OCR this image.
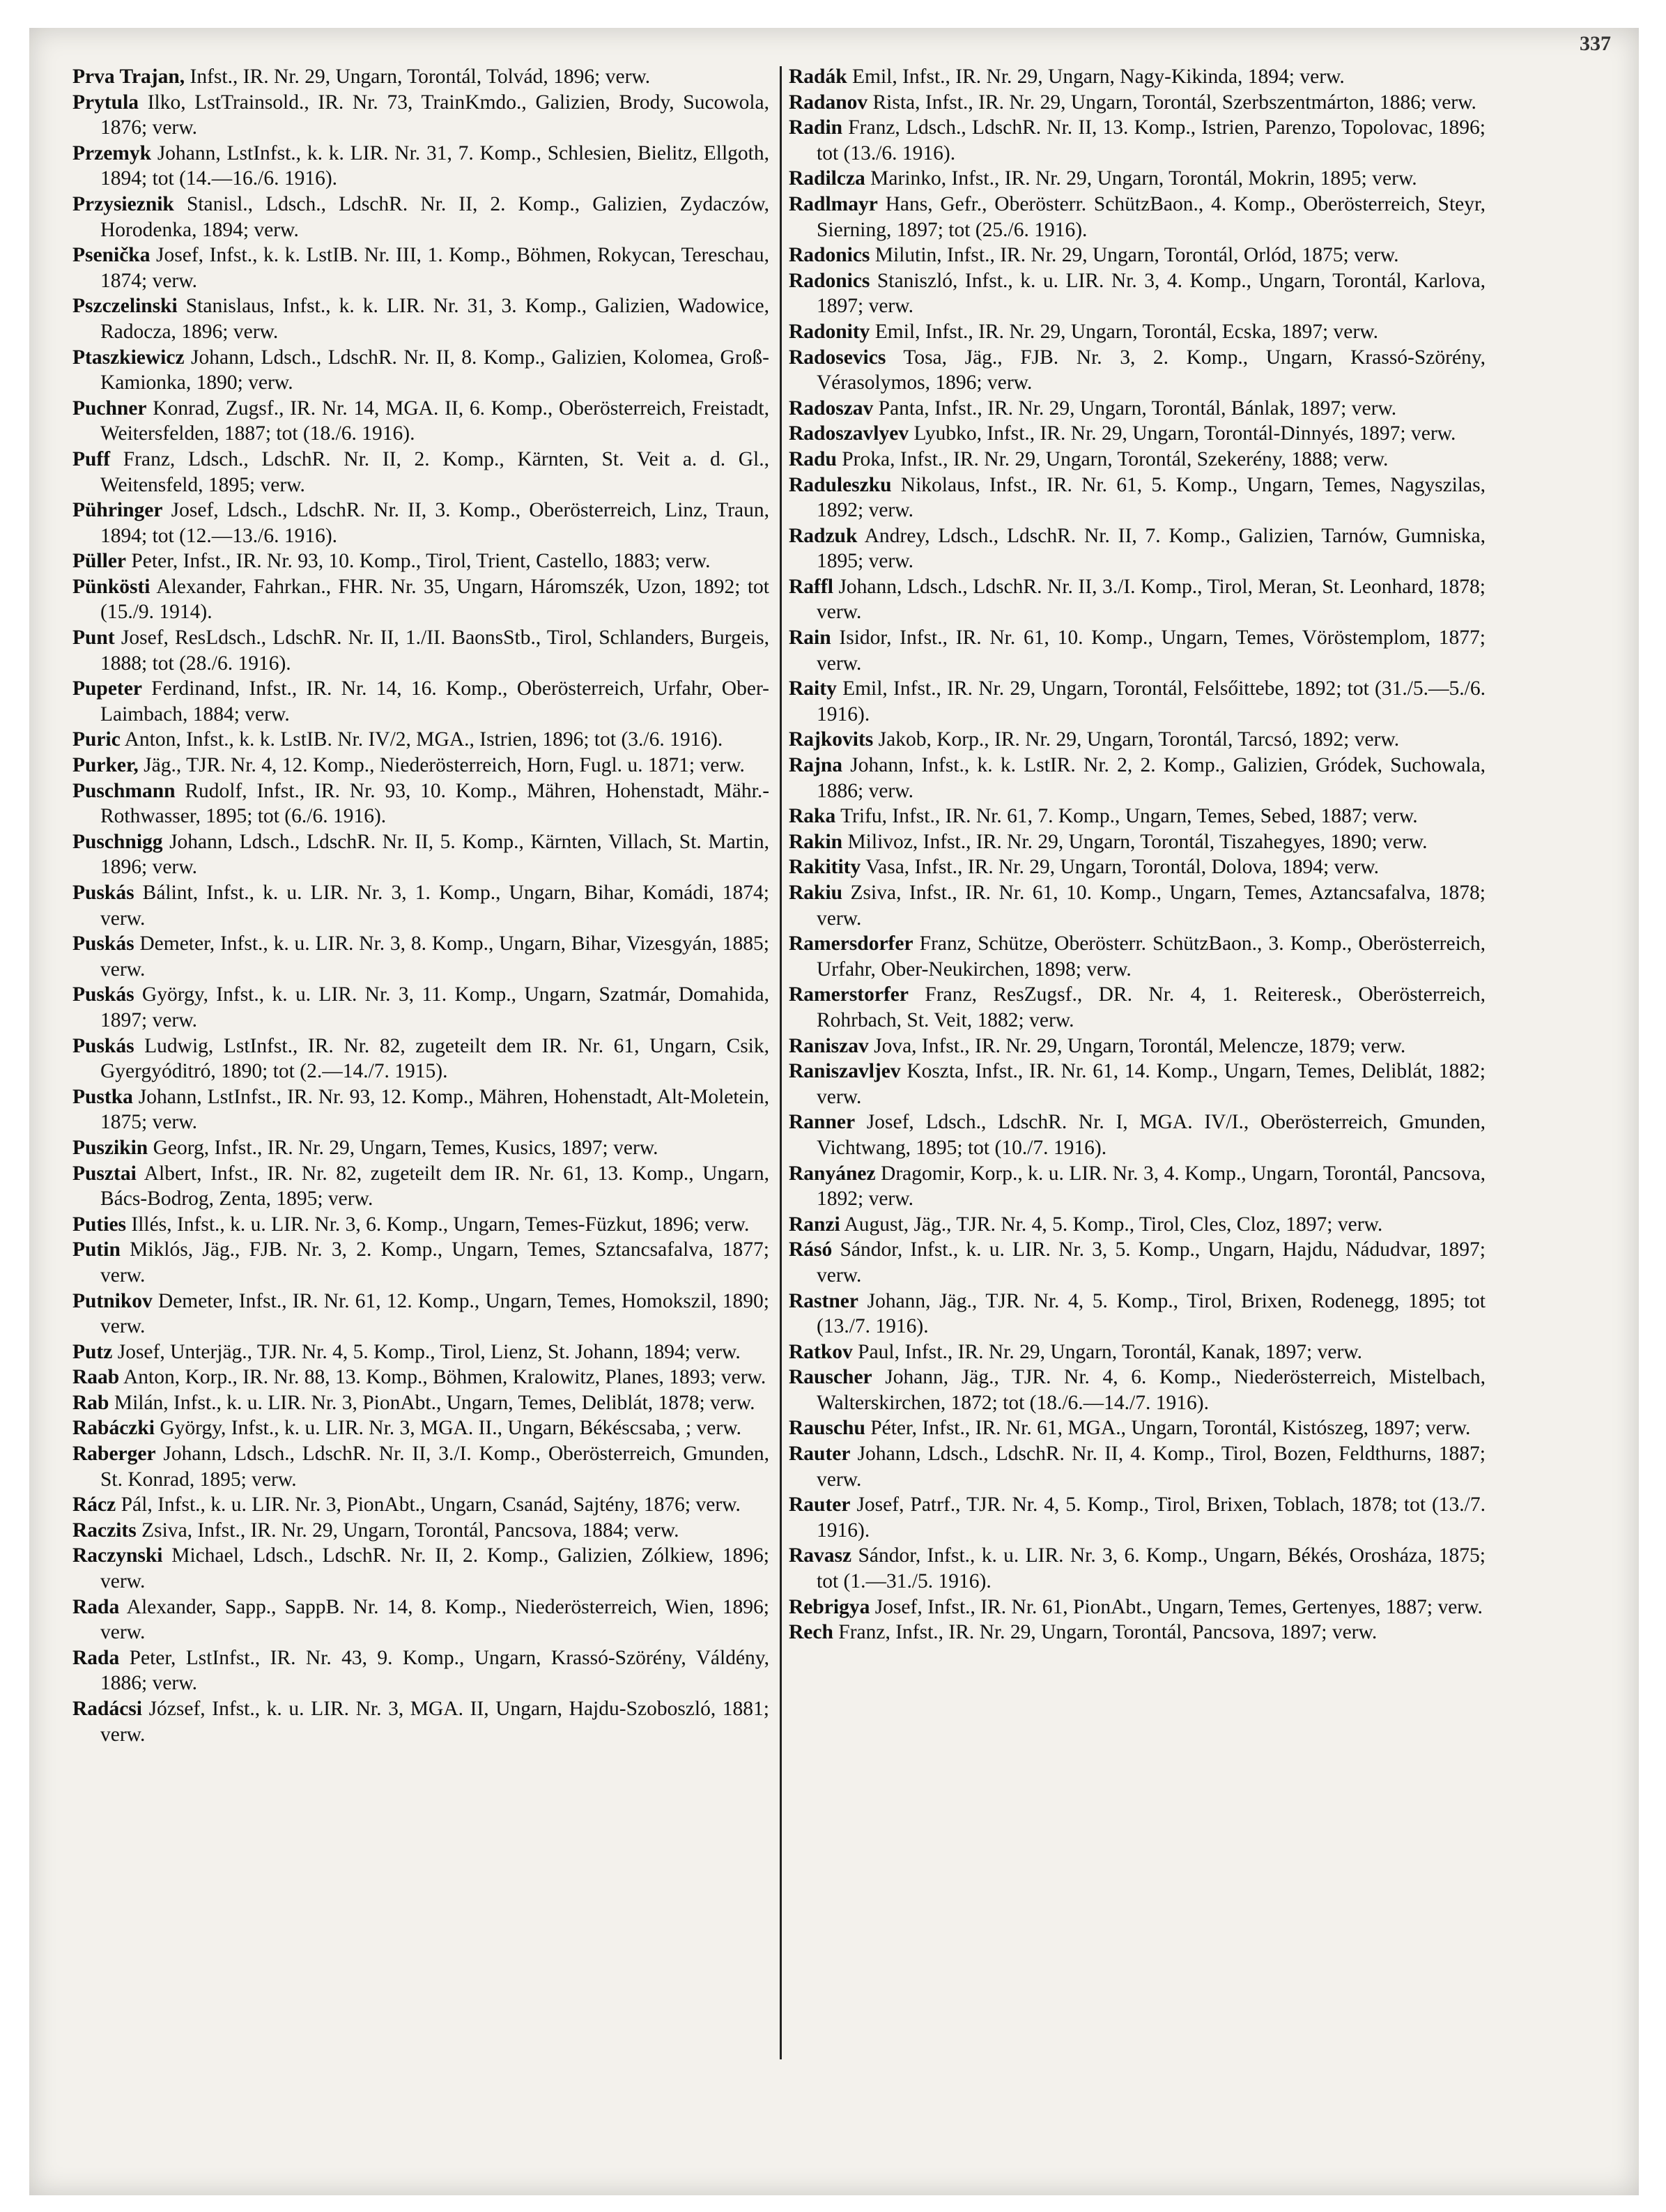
337

Prva Trajan, Infst., IR. Nr. 29, Ungarn, Torontál, Tolvád, 1896; verw.

Prytula Ilko, LstTrainsold., IR. Nr. 73, TrainKmdo., Galizien, Brody, Sucowola, 1876; verw.

Przemyk Johann, LstInfst., k. k. LIR. Nr. 31, 7. Komp., Schlesien, Bielitz, Ellgoth, 1894; tot (14.—16./6. 1916).

Przysieznik Stanisl., Ldsch., LdschR. Nr. II, 2. Komp., Galizien, Zydaczów, Horodenka, 1894; verw.

Psenička Josef, Infst., k. k. LstIB. Nr. III, 1. Komp., Böhmen, Rokycan, Tereschau, 1874; verw.

Pszczelinski Stanislaus, Infst., k. k. LIR. Nr. 31, 3. Komp., Galizien, Wadowice, Radocza, 1896; verw.

Ptaszkiewicz Johann, Ldsch., LdschR. Nr. II, 8. Komp., Galizien, Kolomea, Groß-Kamionka, 1890; verw.

Puchner Konrad, Zugsf., IR. Nr. 14, MGA. II, 6. Komp., Oberösterreich, Freistadt, Weitersfelden, 1887; tot (18./6. 1916).

Puff Franz, Ldsch., LdschR. Nr. II, 2. Komp., Kärnten, St. Veit a. d. Gl., Weitensfeld, 1895; verw.

Pühringer Josef, Ldsch., LdschR. Nr. II, 3. Komp., Oberösterreich, Linz, Traun, 1894; tot (12.—13./6. 1916).

Püller Peter, Infst., IR. Nr. 93, 10. Komp., Tirol, Trient, Castello, 1883; verw.

Pünkösti Alexander, Fahrkan., FHR. Nr. 35, Ungarn, Háromszék, Uzon, 1892; tot (15./9. 1914).

Punt Josef, ResLdsch., LdschR. Nr. II, 1./II. BaonsStb., Tirol, Schlanders, Burgeis, 1888; tot (28./6. 1916).

Pupeter Ferdinand, Infst., IR. Nr. 14, 16. Komp., Oberösterreich, Urfahr, Ober-Laimbach, 1884; verw.

Puric Anton, Infst., k. k. LstIB. Nr. IV/2, MGA., Istrien, 1896; tot (3./6. 1916).

Purker, Jäg., TJR. Nr. 4, 12. Komp., Niederösterreich, Horn, Fugl. u. 1871; verw.

Puschmann Rudolf, Infst., IR. Nr. 93, 10. Komp., Mähren, Hohenstadt, Mähr.-Rothwasser, 1895; tot (6./6. 1916).

Puschnigg Johann, Ldsch., LdschR. Nr. II, 5. Komp., Kärnten, Villach, St. Martin, 1896; verw.

Puskás Bálint, Infst., k. u. LIR. Nr. 3, 1. Komp., Ungarn, Bihar, Komádi, 1874; verw.

Puskás Demeter, Infst., k. u. LIR. Nr. 3, 8. Komp., Ungarn, Bihar, Vizesgyán, 1885; verw.

Puskás György, Infst., k. u. LIR. Nr. 3, 11. Komp., Ungarn, Szatmár, Domahida, 1897; verw.

Puskás Ludwig, LstInfst., IR. Nr. 82, zugeteilt dem IR. Nr. 61, Ungarn, Csik, Gyergyóditró, 1890; tot (2.—14./7. 1915).

Pustka Johann, LstInfst., IR. Nr. 93, 12. Komp., Mähren, Hohenstadt, Alt-Moletein, 1875; verw.

Puszikin Georg, Infst., IR. Nr. 29, Ungarn, Temes, Kusics, 1897; verw.

Pusztai Albert, Infst., IR. Nr. 82, zugeteilt dem IR. Nr. 61, 13. Komp., Ungarn, Bács-Bodrog, Zenta, 1895; verw.

Puties Illés, Infst., k. u. LIR. Nr. 3, 6. Komp., Ungarn, Temes-Füzkut, 1896; verw.

Putin Miklós, Jäg., FJB. Nr. 3, 2. Komp., Ungarn, Temes, Sztancsafalva, 1877; verw.

Putnikov Demeter, Infst., IR. Nr. 61, 12. Komp., Ungarn, Temes, Homokszil, 1890; verw.

Putz Josef, Unterjäg., TJR. Nr. 4, 5. Komp., Tirol, Lienz, St. Johann, 1894; verw.

Raab Anton, Korp., IR. Nr. 88, 13. Komp., Böhmen, Kralowitz, Planes, 1893; verw.

Rab Milán, Infst., k. u. LIR. Nr. 3, PionAbt., Ungarn, Temes, Deliblát, 1878; verw.

Rabáczki György, Infst., k. u. LIR. Nr. 3, MGA. II., Ungarn, Békéscsaba, ; verw.

Raberger Johann, Ldsch., LdschR. Nr. II, 3./I. Komp., Oberösterreich, Gmunden, St. Konrad, 1895; verw.

Rácz Pál, Infst., k. u. LIR. Nr. 3, PionAbt., Ungarn, Csanád, Sajtény, 1876; verw.

Raczits Zsiva, Infst., IR. Nr. 29, Ungarn, Torontál, Pancsova, 1884; verw.

Raczynski Michael, Ldsch., LdschR. Nr. II, 2. Komp., Galizien, Zólkiew, 1896; verw.

Rada Alexander, Sapp., SappB. Nr. 14, 8. Komp., Niederösterreich, Wien, 1896; verw.

Rada Peter, LstInfst., IR. Nr. 43, 9. Komp., Ungarn, Krassó-Szörény, Váldény, 1886; verw.

Radácsi József, Infst., k. u. LIR. Nr. 3, MGA. II, Ungarn, Hajdu-Szoboszló, 1881; verw.

Radák Emil, Infst., IR. Nr. 29, Ungarn, Nagy-Kikinda, 1894; verw.

Radanov Rista, Infst., IR. Nr. 29, Ungarn, Torontál, Szerbszentmárton, 1886; verw.

Radin Franz, Ldsch., LdschR. Nr. II, 13. Komp., Istrien, Parenzo, Topolovac, 1896; tot (13./6. 1916).

Radilcza Marinko, Infst., IR. Nr. 29, Ungarn, Torontál, Mokrin, 1895; verw.

Radlmayr Hans, Gefr., Oberösterr. SchützBaon., 4. Komp., Oberösterreich, Steyr, Sierning, 1897; tot (25./6. 1916).

Radonics Milutin, Infst., IR. Nr. 29, Ungarn, Torontál, Orlód, 1875; verw.

Radonics Staniszló, Infst., k. u. LIR. Nr. 3, 4. Komp., Ungarn, Torontál, Karlova, 1897; verw.

Radonity Emil, Infst., IR. Nr. 29, Ungarn, Torontál, Ecska, 1897; verw.

Radosevics Tosa, Jäg., FJB. Nr. 3, 2. Komp., Ungarn, Krassó-Szörény, Vérasolymos, 1896; verw.

Radoszav Panta, Infst., IR. Nr. 29, Ungarn, Torontál, Bánlak, 1897; verw.

Radoszavlyev Lyubko, Infst., IR. Nr. 29, Ungarn, Torontál-Dinnyés, 1897; verw.

Radu Proka, Infst., IR. Nr. 29, Ungarn, Torontál, Szekerény, 1888; verw.

Raduleszku Nikolaus, Infst., IR. Nr. 61, 5. Komp., Ungarn, Temes, Nagyszilas, 1892; verw.

Radzuk Andrey, Ldsch., LdschR. Nr. II, 7. Komp., Galizien, Tarnów, Gumniska, 1895; verw.

Raffl Johann, Ldsch., LdschR. Nr. II, 3./I. Komp., Tirol, Meran, St. Leonhard, 1878; verw.

Rain Isidor, Infst., IR. Nr. 61, 10. Komp., Ungarn, Temes, Vöröstemplom, 1877; verw.

Raity Emil, Infst., IR. Nr. 29, Ungarn, Torontál, Felsőittebe, 1892; tot (31./5.—5./6. 1916).

Rajkovits Jakob, Korp., IR. Nr. 29, Ungarn, Torontál, Tarcsó, 1892; verw.

Rajna Johann, Infst., k. k. LstIR. Nr. 2, 2. Komp., Galizien, Gródek, Suchowala, 1886; verw.

Raka Trifu, Infst., IR. Nr. 61, 7. Komp., Ungarn, Temes, Sebed, 1887; verw.

Rakin Milivoz, Infst., IR. Nr. 29, Ungarn, Torontál, Tiszahegyes, 1890; verw.

Rakitity Vasa, Infst., IR. Nr. 29, Ungarn, Torontál, Dolova, 1894; verw.

Rakiu Zsiva, Infst., IR. Nr. 61, 10. Komp., Ungarn, Temes, Aztancsafalva, 1878; verw.

Ramersdorfer Franz, Schütze, Oberösterr. SchützBaon., 3. Komp., Oberösterreich, Urfahr, Ober-Neukirchen, 1898; verw.

Ramerstorfer Franz, ResZugsf., DR. Nr. 4, 1. Reiteresk., Oberösterreich, Rohrbach, St. Veit, 1882; verw.

Raniszav Jova, Infst., IR. Nr. 29, Ungarn, Torontál, Melencze, 1879; verw.

Raniszavljev Koszta, Infst., IR. Nr. 61, 14. Komp., Ungarn, Temes, Deliblát, 1882; verw.

Ranner Josef, Ldsch., LdschR. Nr. I, MGA. IV/I., Oberösterreich, Gmunden, Vichtwang, 1895; tot (10./7. 1916).

Ranyánez Dragomir, Korp., k. u. LIR. Nr. 3, 4. Komp., Ungarn, Torontál, Pancsova, 1892; verw.

Ranzi August, Jäg., TJR. Nr. 4, 5. Komp., Tirol, Cles, Cloz, 1897; verw.

Rásó Sándor, Infst., k. u. LIR. Nr. 3, 5. Komp., Ungarn, Hajdu, Nádudvar, 1897; verw.

Rastner Johann, Jäg., TJR. Nr. 4, 5. Komp., Tirol, Brixen, Rodenegg, 1895; tot (13./7. 1916).

Ratkov Paul, Infst., IR. Nr. 29, Ungarn, Torontál, Kanak, 1897; verw.

Rauscher Johann, Jäg., TJR. Nr. 4, 6. Komp., Niederösterreich, Mistelbach, Walterskirchen, 1872; tot (18./6.—14./7. 1916).

Rauschu Péter, Infst., IR. Nr. 61, MGA., Ungarn, Torontál, Kistószeg, 1897; verw.

Rauter Johann, Ldsch., LdschR. Nr. II, 4. Komp., Tirol, Bozen, Feldthurns, 1887; verw.

Rauter Josef, Patrf., TJR. Nr. 4, 5. Komp., Tirol, Brixen, Toblach, 1878; tot (13./7. 1916).

Ravasz Sándor, Infst., k. u. LIR. Nr. 3, 6. Komp., Ungarn, Békés, Orosháza, 1875; tot (1.—31./5. 1916).

Rebrigya Josef, Infst., IR. Nr. 61, PionAbt., Ungarn, Temes, Gertenyes, 1887; verw.

Rech Franz, Infst., IR. Nr. 29, Ungarn, Torontál, Pancsova, 1897; verw.
